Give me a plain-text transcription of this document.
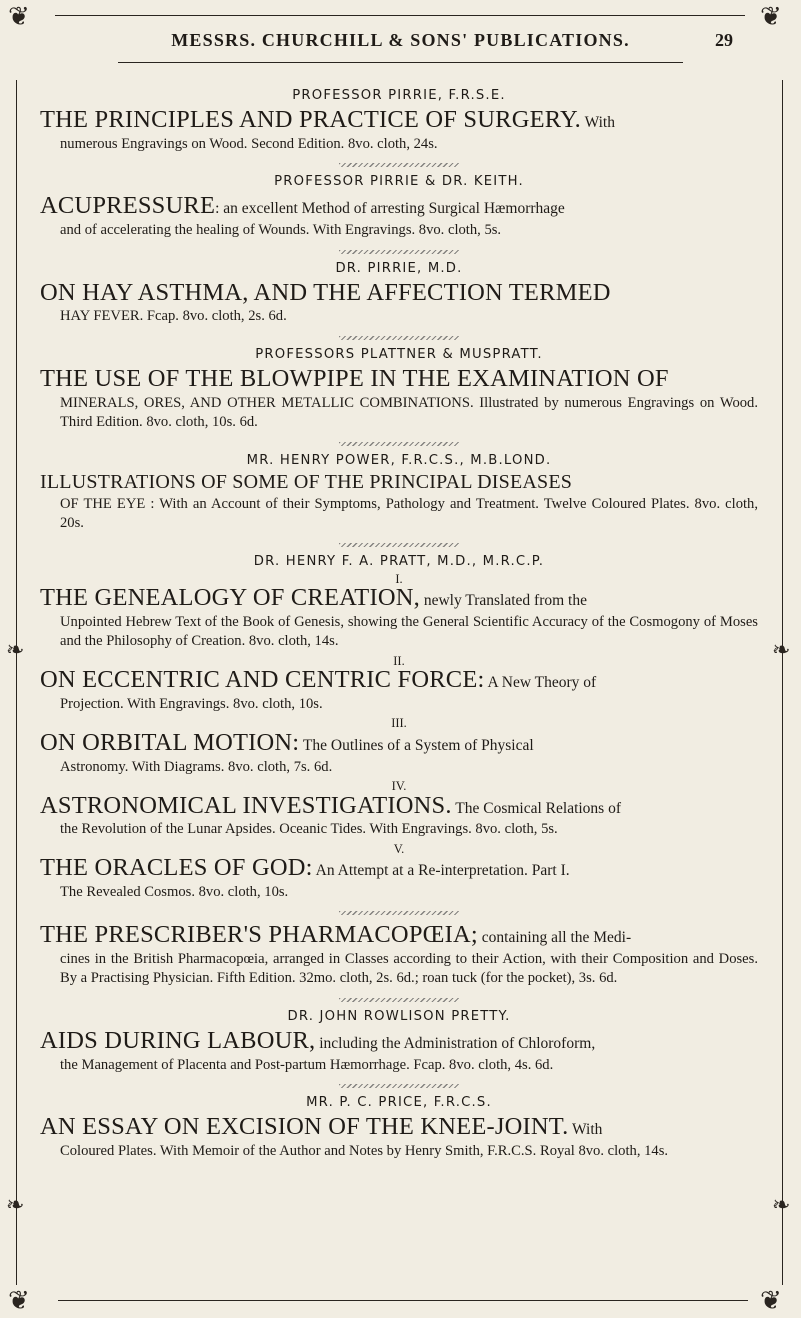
❦	❦
❦	❦
❧	❧
❧	❧
MESSRS. CHURCHILL & SONS' PUBLICATIONS.	29

PROFESSOR PIRRIE, F.R.S.E.

THE PRINCIPLES AND PRACTICE OF SURGERY. With

numerous Engravings on Wood. Second Edition. 8vo. cloth, 24s.

PROFESSOR PIRRIE & DR. KEITH.

ACUPRESSURE: an excellent Method of arresting Surgical Hæmorrhage

and of accelerating the healing of Wounds. With Engravings. 8vo. cloth, 5s.

DR. PIRRIE, M.D.

ON HAY ASTHMA, AND THE AFFECTION TERMED

HAY FEVER. Fcap. 8vo. cloth, 2s. 6d.

PROFESSORS PLATTNER & MUSPRATT.

THE USE OF THE BLOWPIPE IN THE EXAMINATION OF

MINERALS, ORES, AND OTHER METALLIC COMBINATIONS. Illustrated by numerous Engravings on Wood. Third Edition. 8vo. cloth, 10s. 6d.

MR. HENRY POWER, F.R.C.S., M.B.LOND.

ILLUSTRATIONS OF SOME OF THE PRINCIPAL DISEASES

OF THE EYE : With an Account of their Symptoms, Pathology and Treatment. Twelve Coloured Plates. 8vo. cloth, 20s.

DR. HENRY F. A. PRATT, M.D., M.R.C.P.

I.

THE GENEALOGY OF CREATION, newly Translated from the

Unpointed Hebrew Text of the Book of Genesis, showing the General Scientific Accuracy of the Cosmogony of Moses and the Philosophy of Creation. 8vo. cloth, 14s.

II.

ON ECCENTRIC AND CENTRIC FORCE: A New Theory of

Projection. With Engravings. 8vo. cloth, 10s.

III.

ON ORBITAL MOTION: The Outlines of a System of Physical

Astronomy. With Diagrams. 8vo. cloth, 7s. 6d.

IV.

ASTRONOMICAL INVESTIGATIONS. The Cosmical Relations of

the Revolution of the Lunar Apsides. Oceanic Tides. With Engravings. 8vo. cloth, 5s.

V.

THE ORACLES OF GOD: An Attempt at a Re-interpretation. Part I.

The Revealed Cosmos. 8vo. cloth, 10s.

THE PRESCRIBER'S PHARMACOPŒIA; containing all the Medi-

cines in the British Pharmacopœia, arranged in Classes according to their Action, with their Composition and Doses. By a Practising Physician. Fifth Edition. 32mo. cloth, 2s. 6d.; roan tuck (for the pocket), 3s. 6d.

DR. JOHN ROWLISON PRETTY.

AIDS DURING LABOUR, including the Administration of Chloroform,

the Management of Placenta and Post-partum Hæmorrhage. Fcap. 8vo. cloth, 4s. 6d.

MR. P. C. PRICE, F.R.C.S.

AN ESSAY ON EXCISION OF THE KNEE-JOINT. With

Coloured Plates. With Memoir of the Author and Notes by Henry Smith, F.R.C.S. Royal 8vo. cloth, 14s.
